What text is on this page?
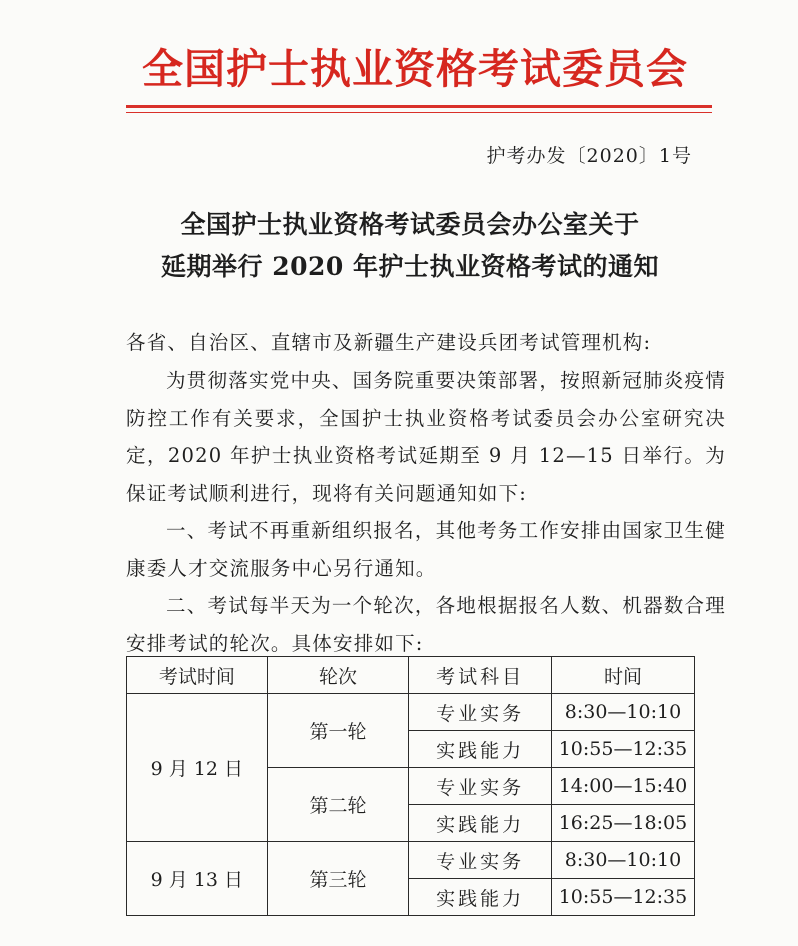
全国护士执业资格考试委员会
护考办发〔2020〕1号
全国护士执业资格考试委员会办公室关于
延期举行 2020 年护士执业资格考试的通知
各省、自治区、直辖市及新疆生产建设兵团考试管理机构:
为贯彻落实党中央、国务院重要决策部署，按照新冠肺炎疫情防控工作有关要求，全国护士执业资格考试委员会办公室研究决定，2020 年护士执业资格考试延期至 9 月 12—15 日举行。为保证考试顺利进行，现将有关问题通知如下:
一、考试不再重新组织报名，其他考务工作安排由国家卫生健康委人才交流服务中心另行通知。
二、考试每半天为一个轮次，各地根据报名人数、机器数合理安排考试的轮次。具体安排如下:
考试时间	轮次	考试科目	时间
9 月 12 日	第一轮	专业实务	8:30—10:10
		实践能力	10:55—12:35
	第二轮	专业实务	14:00—15:40
		实践能力	16:25—18:05
9 月 13 日	第三轮	专业实务	8:30—10:10
		实践能力	10:55—12:35
